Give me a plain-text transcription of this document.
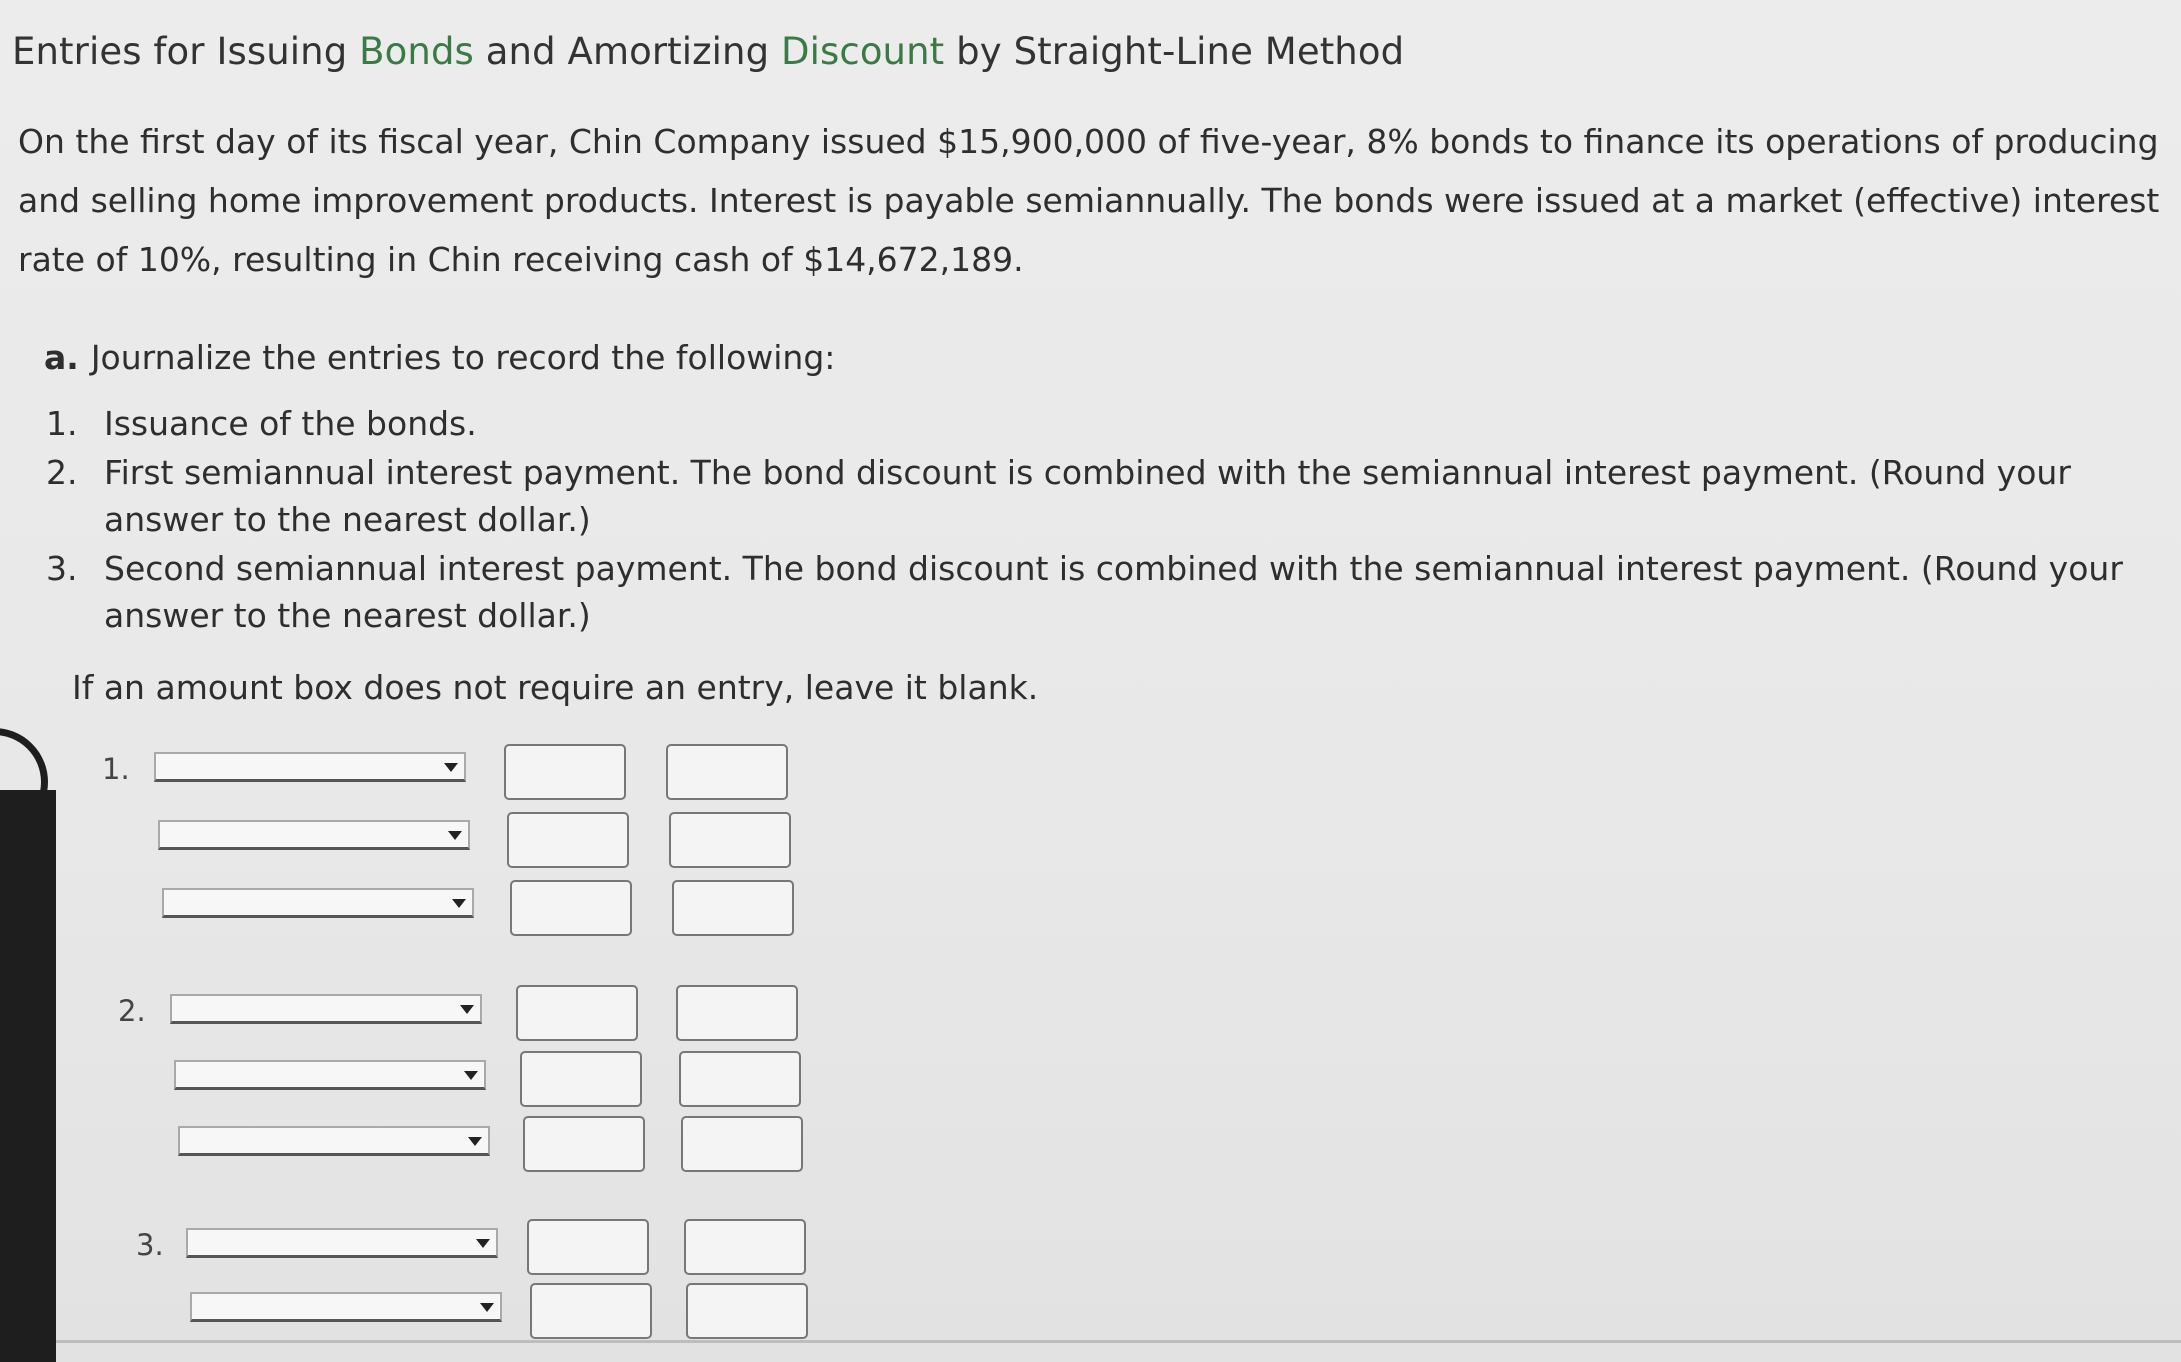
Entries for Issuing Bonds and Amortizing Discount by Straight-Line Method
On the first day of its fiscal year, Chin Company issued $15,900,000 of five-year, 8% bonds to finance its operations of producing and selling home improvement products. Interest is payable semiannually. The bonds were issued at a market (effective) interest rate of 10%, resulting in Chin receiving cash of $14,672,189.
a. Journalize the entries to record the following:
1. Issuance of the bonds.
2. First semiannual interest payment. The bond discount is combined with the semiannual interest payment. (Round your answer to the nearest dollar.)
3. Second semiannual interest payment. The bond discount is combined with the semiannual interest payment. (Round your answer to the nearest dollar.)
If an amount box does not require an entry, leave it blank.
1.
2.
3.
